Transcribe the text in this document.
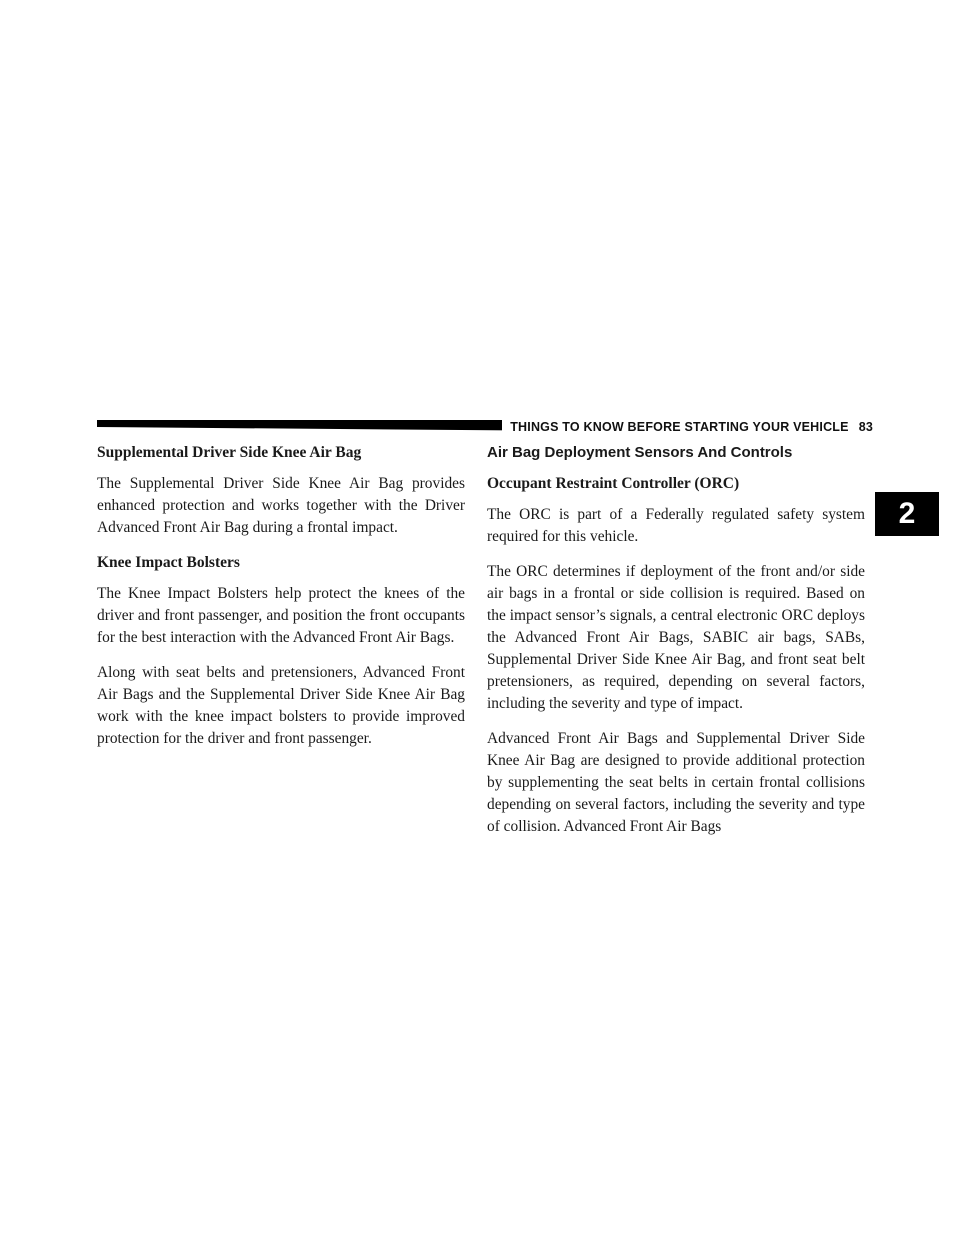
THINGS TO KNOW BEFORE STARTING YOUR VEHICLE 83
2
Supplemental Driver Side Knee Air Bag

The Supplemental Driver Side Knee Air Bag provides enhanced protection and works together with the Driver Advanced Front Air Bag during a frontal impact.

Knee Impact Bolsters

The Knee Impact Bolsters help protect the knees of the driver and front passenger, and position the front occupants for the best interaction with the Advanced Front Air Bags.

Along with seat belts and pretensioners, Advanced Front Air Bags and the Supplemental Driver Side Knee Air Bag work with the knee impact bolsters to provide improved protection for the driver and front passenger.

Air Bag Deployment Sensors And Controls
Occupant Restraint Controller (ORC)

The ORC is part of a Federally regulated safety system required for this vehicle.

The ORC determines if deployment of the front and/or side air bags in a frontal or side collision is required. Based on the impact sensor’s signals, a central electronic ORC deploys the Advanced Front Air Bags, SABIC air bags, SABs, Supplemental Driver Side Knee Air Bag, and front seat belt pretensioners, as required, depending on several factors, including the severity and type of impact.

Advanced Front Air Bags and Supplemental Driver Side Knee Air Bag are designed to provide additional protection by supplementing the seat belts in certain frontal collisions depending on several factors, including the severity and type of collision. Advanced Front Air Bags
